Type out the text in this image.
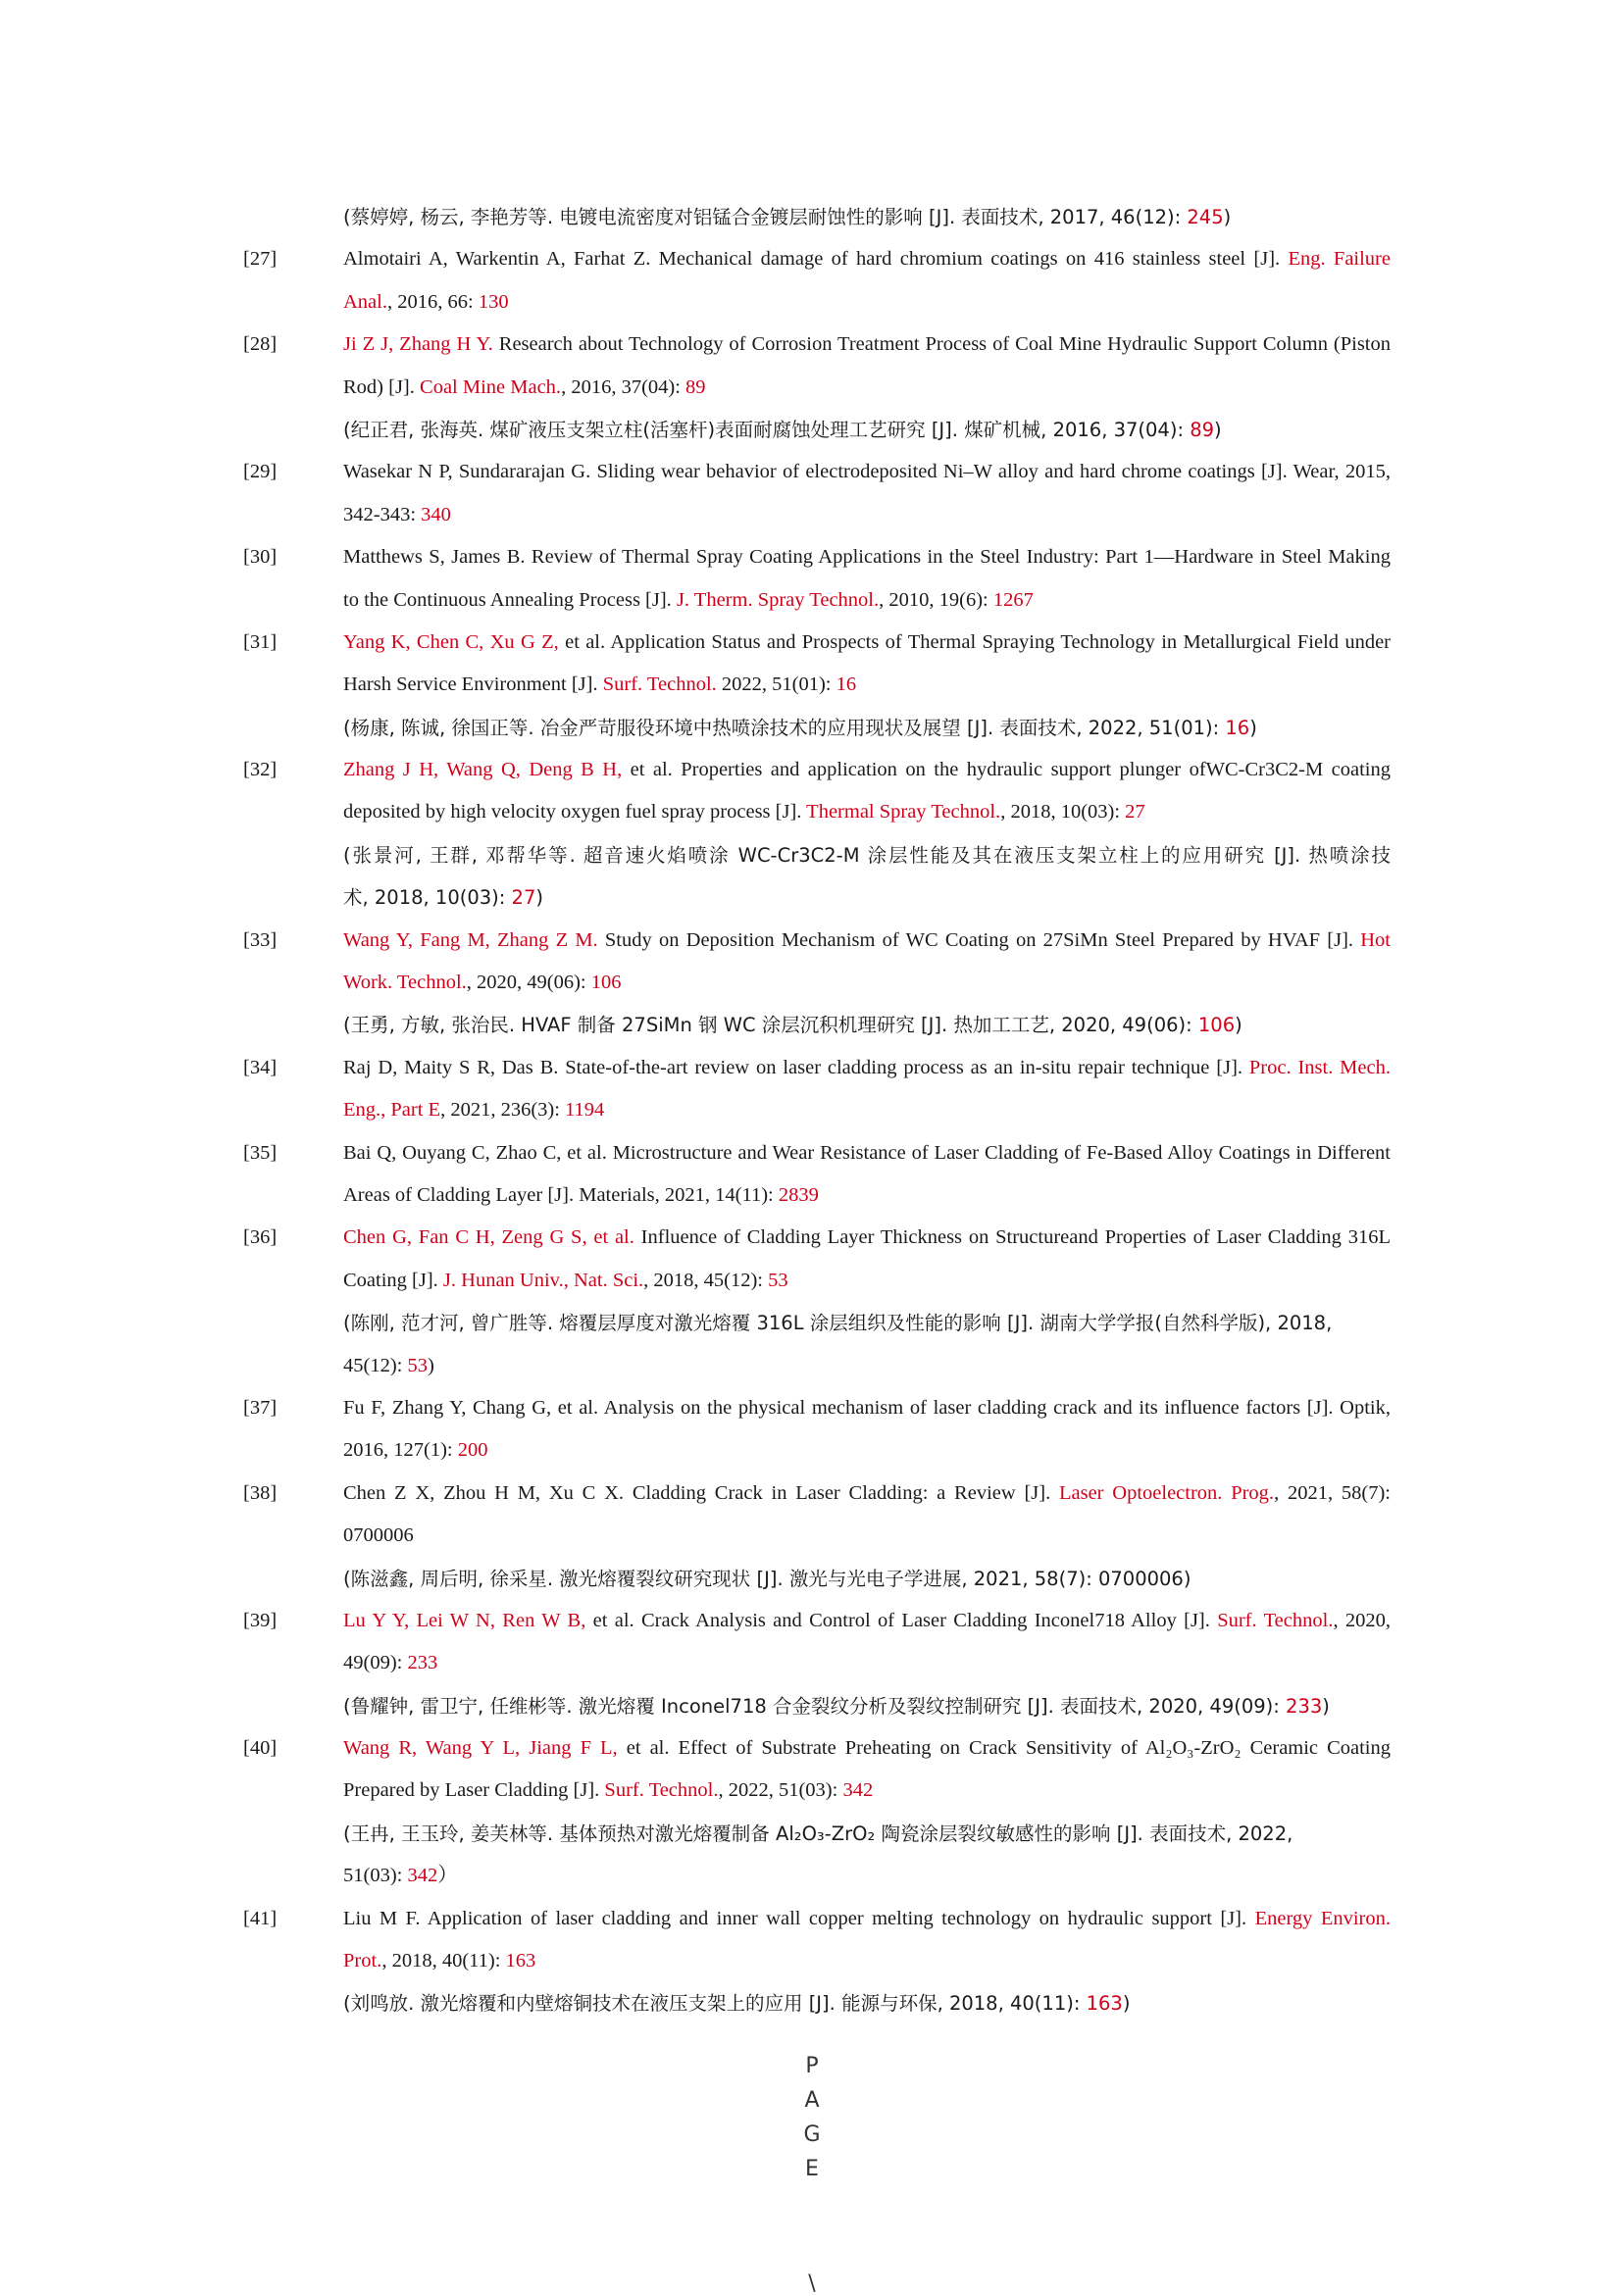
(蔡婷婷, 杨云, 李艳芳等. 电镀电流密度对铝锰合金镀层耐蚀性的影响 [J]. 表面技术, 2017, 46(12): 245)
[27]	Almotairi A, Warkentin A, Farhat Z. Mechanical damage of hard chromium coatings on 416 stainless steel [J]. Eng. Failure
Anal., 2016, 66: 130
[28]	Ji Z J, Zhang H Y. Research about Technology of Corrosion Treatment Process of Coal Mine Hydraulic Support Column (Piston
Rod) [J]. Coal Mine Mach., 2016, 37(04): 89
(纪正君, 张海英. 煤矿液压支架立柱(活塞杆)表面耐腐蚀处理工艺研究 [J]. 煤矿机械, 2016, 37(04): 89)
[29]	Wasekar N P, Sundararajan G. Sliding wear behavior of electrodeposited Ni–W alloy and hard chrome coatings [J]. Wear, 2015,
342-343: 340
[30]	Matthews S, James B. Review of Thermal Spray Coating Applications in the Steel Industry: Part 1—Hardware in Steel Making
to the Continuous Annealing Process [J]. J. Therm. Spray Technol., 2010, 19(6): 1267
[31]	Yang K, Chen C, Xu G Z, et al. Application Status and Prospects of Thermal Spraying Technology in Metallurgical Field under
Harsh Service Environment [J]. Surf. Technol. 2022, 51(01): 16
(杨康, 陈诚, 徐国正等. 冶金严苛服役环境中热喷涂技术的应用现状及展望 [J]. 表面技术, 2022, 51(01): 16)
[32]	Zhang J H, Wang Q, Deng B H, et al. Properties and application on the hydraulic support plunger ofWC-Cr3C2-M coating
deposited by high velocity oxygen fuel spray process [J]. Thermal Spray Technol., 2018, 10(03): 27
(张景河, 王群, 邓帮华等. 超音速火焰喷涂 WC-Cr3C2-M 涂层性能及其在液压支架立柱上的应用研究 [J]. 热喷涂技
术, 2018, 10(03): 27)
[33]	Wang Y, Fang M, Zhang Z M. Study on Deposition Mechanism of WC Coating on 27SiMn Steel Prepared by HVAF [J]. Hot
Work. Technol., 2020, 49(06): 106
(王勇, 方敏, 张治民. HVAF 制备 27SiMn 钢 WC 涂层沉积机理研究 [J]. 热加工工艺, 2020, 49(06): 106)
[34]	Raj D, Maity S R, Das B. State-of-the-art review on laser cladding process as an in-situ repair technique [J]. Proc. Inst. Mech.
Eng., Part E, 2021, 236(3): 1194
[35]	Bai Q, Ouyang C, Zhao C, et al. Microstructure and Wear Resistance of Laser Cladding of Fe-Based Alloy Coatings in Different
Areas of Cladding Layer [J]. Materials, 2021, 14(11): 2839
[36]	Chen G, Fan C H, Zeng G S, et al. Influence of Cladding Layer Thickness on Structureand Properties of Laser Cladding 316L
Coating [J]. J. Hunan Univ., Nat. Sci., 2018, 45(12): 53
(陈刚, 范才河, 曾广胜等. 熔覆层厚度对激光熔覆 316L 涂层组织及性能的影响 [J]. 湖南大学学报(自然科学版), 2018,
45(12): 53)
[37]	Fu F, Zhang Y, Chang G, et al. Analysis on the physical mechanism of laser cladding crack and its influence factors [J]. Optik,
2016, 127(1): 200
[38]	Chen Z X, Zhou H M, Xu C X. Cladding Crack in Laser Cladding: a Review [J]. Laser Optoelectron. Prog., 2021, 58(7):
0700006
(陈滋鑫, 周后明, 徐采星. 激光熔覆裂纹研究现状 [J]. 激光与光电子学进展, 2021, 58(7): 0700006)
[39]	Lu Y Y, Lei W N, Ren W B, et al. Crack Analysis and Control of Laser Cladding Inconel718 Alloy [J]. Surf. Technol., 2020,
49(09): 233
(鲁耀钟, 雷卫宁, 任维彬等. 激光熔覆 Inconel718 合金裂纹分析及裂纹控制研究 [J]. 表面技术, 2020, 49(09): 233)
[40]	Wang R, Wang Y L, Jiang F L, et al. Effect of Substrate Preheating on Crack Sensitivity of Al₂O₃-ZrO₂ Ceramic Coating
Prepared by Laser Cladding [J]. Surf. Technol., 2022, 51(03): 342
(王冉, 王玉玲, 姜芙林等. 基体预热对激光熔覆制备 Al₂O₃-ZrO₂ 陶瓷涂层裂纹敏感性的影响 [J]. 表面技术, 2022,
51(03): 342）
[41]	Liu M F. Application of laser cladding and inner wall copper melting technology on hydraulic support [J]. Energy Environ.
Prot., 2018, 40(11): 163
(刘鸣放. 激光熔覆和内壁熔铜技术在液压支架上的应用 [J]. 能源与环保, 2018, 40(11): 163)
P
A
G
E
\
